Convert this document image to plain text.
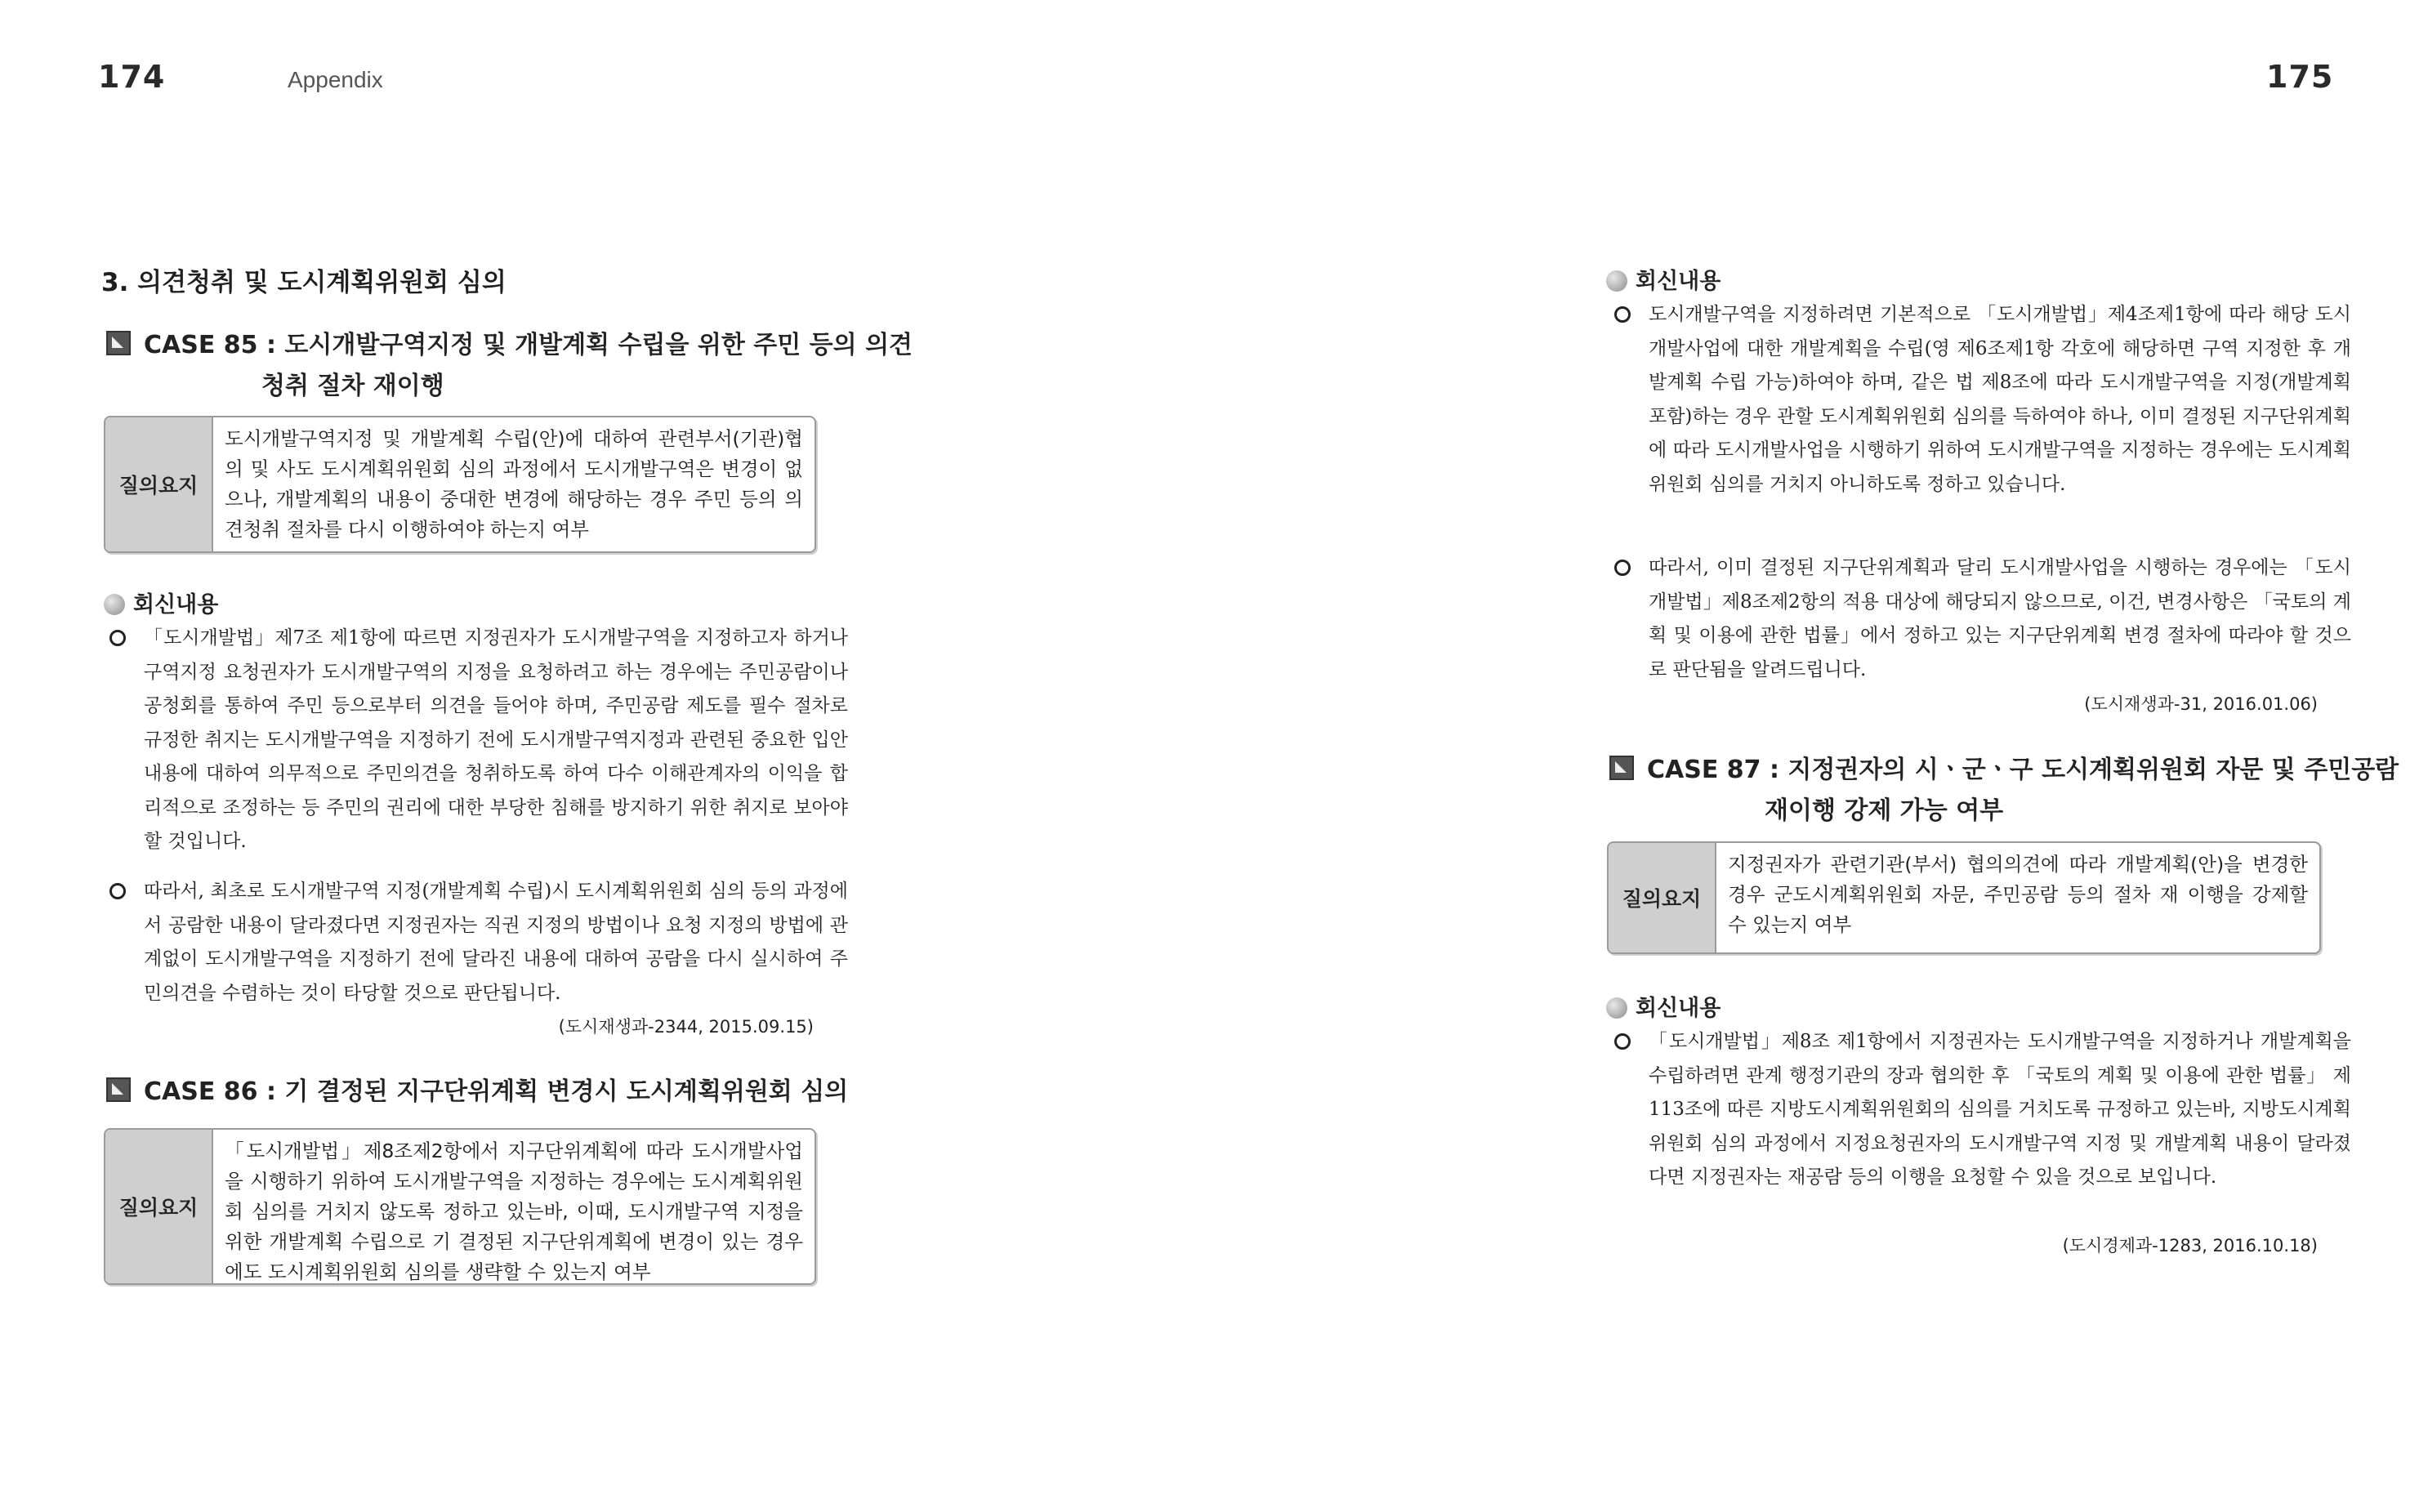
174	Appendix
3. 의견청취 및 도시계획위원회 심의
CASE 85 : 도시개발구역지정 및 개발계획 수립을 위한 주민 등의 의견
청취 절차 재이행
질의요지
도시개발구역지정 및 개발계획 수립(안)에 대하여 관련부서(기관)협의 및 사도 도시계획위원회 심의 과정에서 도시개발구역은 변경이 없으나, 개발계획의 내용이 중대한 변경에 해당하는 경우 주민 등의 의견청취 절차를 다시 이행하여야 하는지 여부
회신내용
「도시개발법」제7조 제1항에 따르면 지정권자가 도시개발구역을 지정하고자 하거나 구역지정 요청권자가 도시개발구역의 지정을 요청하려고 하는 경우에는 주민공람이나 공청회를 통하여 주민 등으로부터 의견을 들어야 하며, 주민공람 제도를 필수 절차로 규정한 취지는 도시개발구역을 지정하기 전에 도시개발구역지정과 관련된 중요한 입안내용에 대하여 의무적으로 주민의견을 청취하도록 하여 다수 이해관계자의 이익을 합리적으로 조정하는 등 주민의 권리에 대한 부당한 침해를 방지하기 위한 취지로 보아야 할 것입니다.
따라서, 최초로 도시개발구역 지정(개발계획 수립)시 도시계획위원회 심의 등의 과정에서 공람한 내용이 달라졌다면 지정권자는 직권 지정의 방법이나 요청 지정의 방법에 관계없이 도시개발구역을 지정하기 전에 달라진 내용에 대하여 공람을 다시 실시하여 주민의견을 수렴하는 것이 타당할 것으로 판단됩니다.
(도시재생과-2344, 2015.09.15)
CASE 86 : 기 결정된 지구단위계획 변경시 도시계획위원회 심의
질의요지
「도시개발법」제8조제2항에서 지구단위계획에 따라 도시개발사업을 시행하기 위하여 도시개발구역을 지정하는 경우에는 도시계획위원회 심의를 거치지 않도록 정하고 있는바, 이때, 도시개발구역 지정을 위한 개발계획 수립으로 기 결정된 지구단위계획에 변경이 있는 경우에도 도시계획위원회 심의를 생략할 수 있는지 여부
175
회신내용
도시개발구역을 지정하려면 기본적으로 「도시개발법」제4조제1항에 따라 해당 도시개발사업에 대한 개발계획을 수립(영 제6조제1항 각호에 해당하면 구역 지정한 후 개발계획 수립 가능)하여야 하며, 같은 법 제8조에 따라 도시개발구역을 지정(개발계획 포함)하는 경우 관할 도시계획위원회 심의를 득하여야 하나, 이미 결정된 지구단위계획에 따라 도시개발사업을 시행하기 위하여 도시개발구역을 지정하는 경우에는 도시계획위원회 심의를 거치지 아니하도록 정하고 있습니다.
따라서, 이미 결정된 지구단위계획과 달리 도시개발사업을 시행하는 경우에는 「도시개발법」제8조제2항의 적용 대상에 해당되지 않으므로, 이건, 변경사항은 「국토의 계획 및 이용에 관한 법률」에서 정하고 있는 지구단위계획 변경 절차에 따라야 할 것으로 판단됨을 알려드립니다.
(도시재생과-31, 2016.01.06)
CASE 87 : 지정권자의 시ㆍ군ㆍ구 도시계획위원회 자문 및 주민공람
재이행 강제 가능 여부
질의요지
지정권자가 관련기관(부서) 협의의견에 따라 개발계획(안)을 변경한 경우 군도시계획위원회 자문, 주민공람 등의 절차 재 이행을 강제할 수 있는지 여부
회신내용
「도시개발법」제8조 제1항에서 지정권자는 도시개발구역을 지정하거나 개발계획을 수립하려면 관계 행정기관의 장과 협의한 후 「국토의 계획 및 이용에 관한 법률」 제113조에 따른 지방도시계획위원회의 심의를 거치도록 규정하고 있는바, 지방도시계획위원회 심의 과정에서 지정요청권자의 도시개발구역 지정 및 개발계획 내용이 달라졌다면 지정권자는 재공람 등의 이행을 요청할 수 있을 것으로 보입니다.
(도시경제과-1283, 2016.10.18)
